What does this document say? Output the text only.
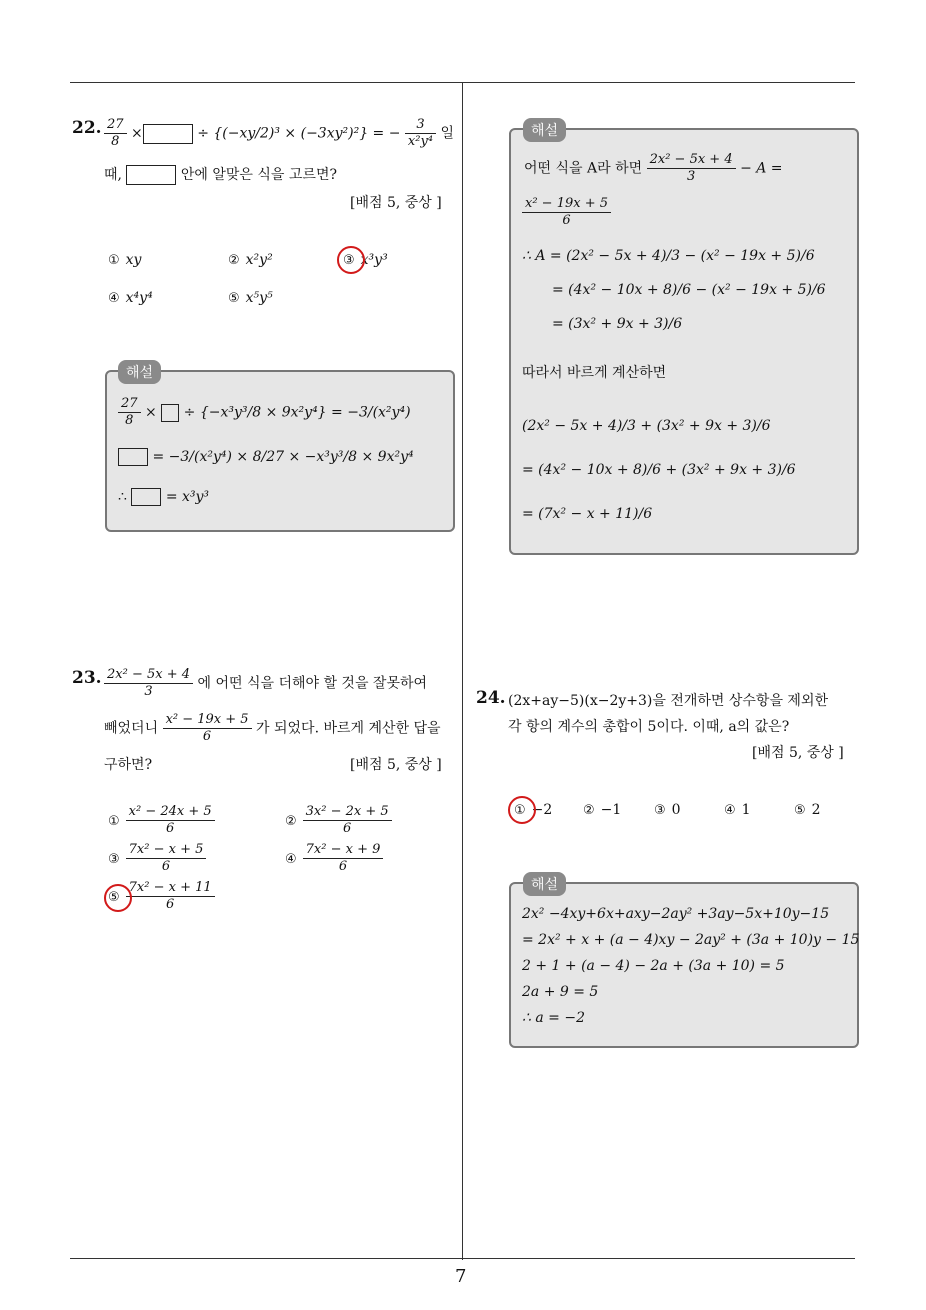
22. $\frac{27}{8}$ ×	÷ {(−xy/2)³ × (−3xy²)²} = − $\frac{3}{\text{x²y⁴}}$ 일
때,	안에 알맞은 식을 고르면?
[배점 5, 중상 ]
① xy	② x²y²	③ x³y³
④ x⁴y⁴	⑤ x⁵y⁵
해설
$\frac{27}{8}$ ×  ÷ {−x³y³/8 × 9x²y⁴} = −3/(x²y⁴)
= −3/(x²y⁴) × 8/27 × −x³y³/8 × 9x²y⁴
∴	= x³y³
23. $\frac{\text{2x² − 5x + 4}}{3}$ 에 어떤 식을 더해야 할 것을 잘못하여
빼었더니 $\frac{\text{x² − 19x + 5}}{6}$ 가 되었다. 바르게 계산한 답을
구하면?	[배점 5, 중상 ]
① $\frac{\text{x² − 24x + 5}}{6}$	② $\frac{\text{3x² − 2x + 5}}{6}$
③ $\frac{\text{7x² − x + 5}}{6}$	④ $\frac{\text{7x² − x + 9}}{6}$
⑤ $\frac{\text{7x² − x + 11}}{6}$
해설
어떤 식을 A라 하면 $\frac{\text{2x² − 5x + 4}}{3} - A$ =
$\frac{\text{x² − 19x + 5}}{6}$
∴ A = (2x² − 5x + 4)/3 − (x² − 19x + 5)/6
= (4x² − 10x + 8)/6 − (x² − 19x + 5)/6
= (3x² + 9x + 3)/6
따라서 바르게 계산하면
(2x² − 5x + 4)/3 + (3x² + 9x + 3)/6
= (4x² − 10x + 8)/6 + (3x² + 9x + 3)/6
= (7x² − x + 11)/6
24. (2x+ay−5)(x−2y+3)을 전개하면 상수항을 제외한
각 항의 계수의 총합이 5이다. 이때, a의 값은?
[배점 5, 중상 ]
① −2 ② −1	③ 0	④ 1	⑤ 2
해설
2x² −4xy+6x+axy−2ay² +3ay−5x+10y−15
= 2x² + x + (a − 4)xy − 2ay² + (3a + 10)y − 15
2 + 1 + (a − 4) − 2a + (3a + 10) = 5
2a + 9 = 5
∴ a = −2
7
